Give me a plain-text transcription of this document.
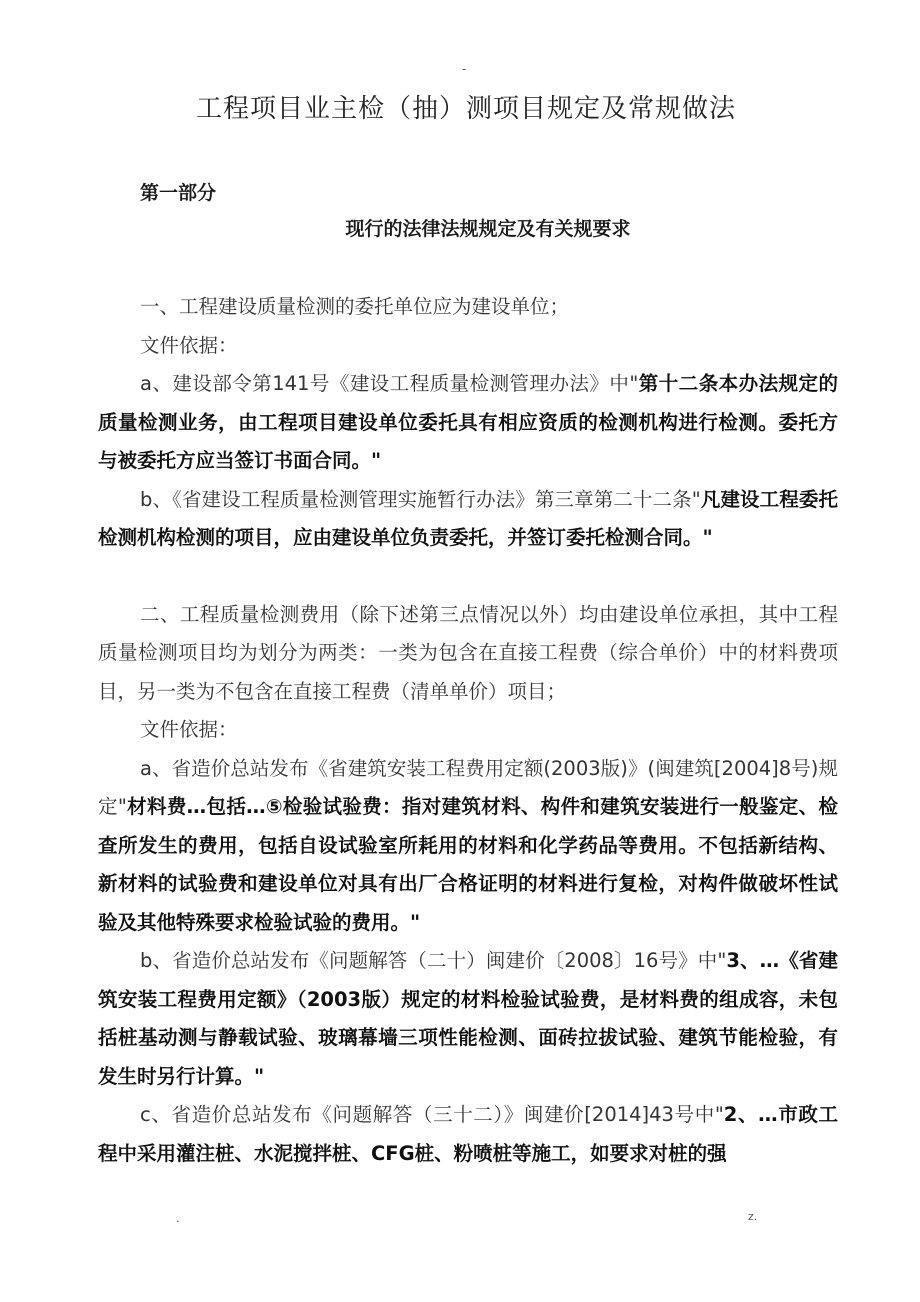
-
工程项目业主检（抽）测项目规定及常规做法
第一部分
现行的法律法规规定及有关规要求

一、工程建设质量检测的委托单位应为建设单位；

文件依据：

a、建设部令第141号《建设工程质量检测管理办法》中"第十二条本办法规定的质量检测业务，由工程项目建设单位委托具有相应资质的检测机构进行检测。委托方与被委托方应当签订书面合同。"

b、《省建设工程质量检测管理实施暂行办法》第三章第二十二条"凡建设工程委托检测机构检测的项目，应由建设单位负责委托，并签订委托检测合同。"

二、工程质量检测费用（除下述第三点情况以外）均由建设单位承担，其中工程质量检测项目均为划分为两类：一类为包含在直接工程费（综合单价）中的材料费项目，另一类为不包含在直接工程费（清单单价）项目；

文件依据：

a、省造价总站发布《省建筑安装工程费用定额(2003版)》(闽建筑[2004]8号)规定"材料费…包括…⑤检验试验费：指对建筑材料、构件和建筑安装进行一般鉴定、检查所发生的费用，包括自设试验室所耗用的材料和化学药品等费用。不包括新结构、新材料的试验费和建设单位对具有出厂合格证明的材料进行复检，对构件做破坏性试验及其他特殊要求检验试验的费用。"

b、省造价总站发布《问题解答（二十）闽建价〔2008〕16号》中"3、…《省建筑安装工程费用定额》（2003版）规定的材料检验试验费，是材料费的组成容，未包括桩基动测与静载试验、玻璃幕墙三项性能检测、面砖拉拔试验、建筑节能检验，有发生时另行计算。"

c、省造价总站发布《问题解答（三十二）》闽建价[2014]43号中"2、…市政工程中采用灌注桩、水泥搅拌桩、CFG桩、粉喷桩等施工，如要求对桩的强

.	z.
